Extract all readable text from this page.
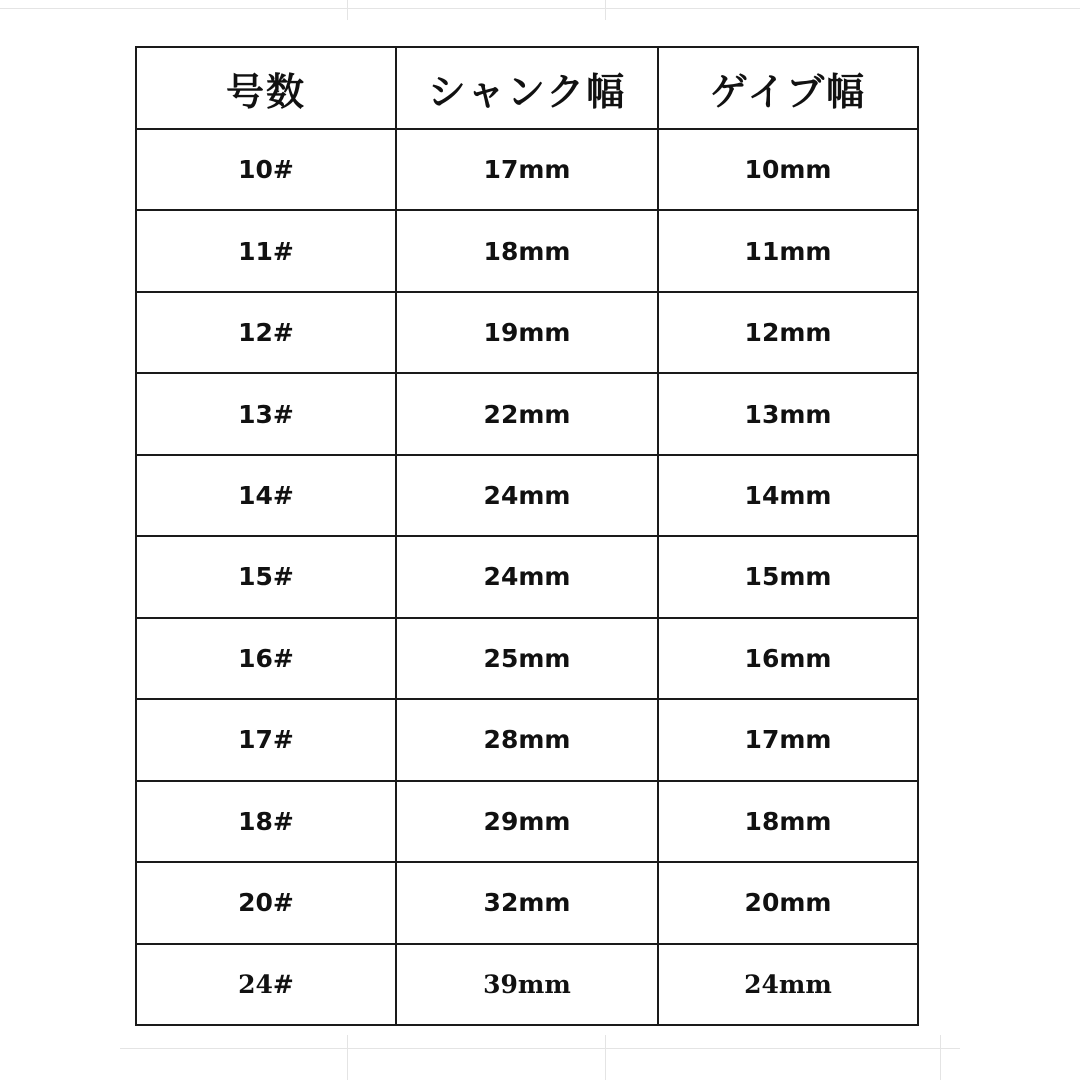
号数	シャンク幅	ゲイブ幅
10#	17mm	10mm
11#	18mm	11mm
12#	19mm	12mm
13#	22mm	13mm
14#	24mm	14mm
15#	24mm	15mm
16#	25mm	16mm
17#	28mm	17mm
18#	29mm	18mm
20#	32mm	20mm
24#	39mm	24mm
